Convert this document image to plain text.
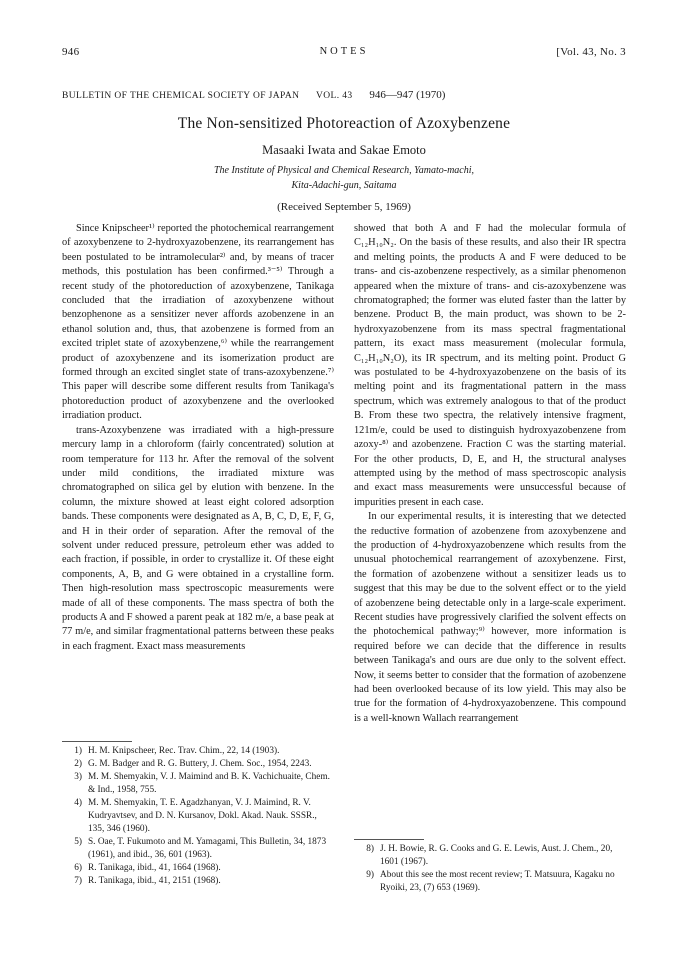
946	NOTES	[Vol. 43, No. 3
BULLETIN OF THE CHEMICAL SOCIETY OF JAPAN VOL. 43 946—947 (1970)
The Non-sensitized Photoreaction of Azoxybenzene
Masaaki Iwata and Sakae Emoto
The Institute of Physical and Chemical Research, Yamato-machi,
Kita-Adachi-gun, Saitama
(Received September 5, 1969)

Since Knipscheer¹⁾ reported the photochemical rearrangement of azoxybenzene to 2-hydroxyazobenzene, its rearrangement has been postulated to be intramolecular²⁾ and, by means of tracer methods, this postulation has been confirmed.³⁻⁵⁾ Through a recent study of the photoreduction of azoxybenzene, Tanikaga concluded that the irradiation of azoxybenzene without benzophenone as a sensitizer never affords azobenzene in an ethanol solution and, thus, that azobenzene is formed from an excited triplet state of azoxybenzene,⁶⁾ while the rearrangement product of azoxybenzene and its isomerization product are formed through an excited singlet state of trans-azoxybenzene.⁷⁾ This paper will describe some different results from Tanikaga's photoreduction product of azoxybenzene and the overlooked irradiation product.

trans-Azoxybenzene was irradiated with a high-pressure mercury lamp in a chloroform (fairly concentrated) solution at room temperature for 113 hr. After the removal of the solvent under mild conditions, the irradiated mixture was chromatographed on silica gel by elution with benzene. In the column, the mixture showed at least eight colored adsorption bands. These components were designated as A, B, C, D, E, F, G, and H in their order of separation. After the removal of the solvent under reduced pressure, petroleum ether was added to each fraction, if possible, in order to crystallize it. Of these eight components, A, B, and G were obtained in a crystalline form. Then high-resolution mass spectroscopic measurements were made of all of these components. The mass spectra of both the products A and F showed a parent peak at 182 m/e, a base peak at 77 m/e, and similar fragmentational patterns between these peaks in each fragment. Exact mass measurements

showed that both A and F had the molecular formula of C₁₂H₁₀N₂. On the basis of these results, and also their IR spectra and melting points, the products A and F were deduced to be trans- and cis-azobenzene respectively, as a similar phenomenon appeared when the mixture of trans- and cis-azoxybenzene was chromatographed; the former was eluted faster than the latter by benzene. Product B, the main product, was shown to be 2-hydroxyazobenzene from its mass spectral fragmentational pattern, its exact mass measurement (molecular formula, C₁₂H₁₀N₂O), its IR spectrum, and its melting point. Product G was postulated to be 4-hydroxyazobenzene on the basis of its melting point and its fragmentational pattern in the mass spectrum, which was extremely analogous to that of the product B. From these two spectra, the relatively intensive fragment, 121m/e, could be used to distinguish hydroxyazobenzene from azoxy-⁸⁾ and azobenzene. Fraction C was the starting material. For the other products, D, E, and H, the structural analyses attempted using by the method of mass spectroscopic analysis and exact mass measurements were unsuccessful because of impurities present in each case.

In our experimental results, it is interesting that we detected the reductive formation of azobenzene from azoxybenzene and the production of 4-hydroxyazobenzene which results from the unusual photochemical rearrangement of azoxybenzene. First, the formation of azobenzene without a sensitizer leads us to suggest that this may be due to the solvent effect or to the yield of azobenzene being detectable only in a large-scale experiment. Recent studies have progressively clarified the solvent effects on the photochemical pathway;⁹⁾ however, more information is required before we can decide that the difference in results between Tanikaga's and ours are due only to the solvent effect. Now, it seems better to consider that the formation of azobenzene had been overlooked because of its low yield. This may also be true for the formation of 4-hydroxyazobenzene. This compound is a well-known Wallach rearrangement

1) H. M. Knipscheer, Rec. Trav. Chim., 22, 14 (1903).
2) G. M. Badger and R. G. Buttery, J. Chem. Soc., 1954, 2243.
3) M. M. Shemyakin, V. J. Maimind and B. K. Vachichuaite, Chem. & Ind., 1958, 755.
4) M. M. Shemyakin, T. E. Agadzhanyan, V. J. Maimind, R. V. Kudryavtsev, and D. N. Kursanov, Dokl. Akad. Nauk. SSSR., 135, 346 (1960).
5) S. Oae, T. Fukumoto and M. Yamagami, This Bulletin, 34, 1873 (1961), and ibid., 36, 601 (1963).
6) R. Tanikaga, ibid., 41, 1664 (1968).
7) R. Tanikaga, ibid., 41, 2151 (1968).
8) J. H. Bowie, R. G. Cooks and G. E. Lewis, Aust. J. Chem., 20, 1601 (1967).
9) About this see the most recent review; T. Matsuura, Kagaku no Ryoiki, 23, (7) 653 (1969).
